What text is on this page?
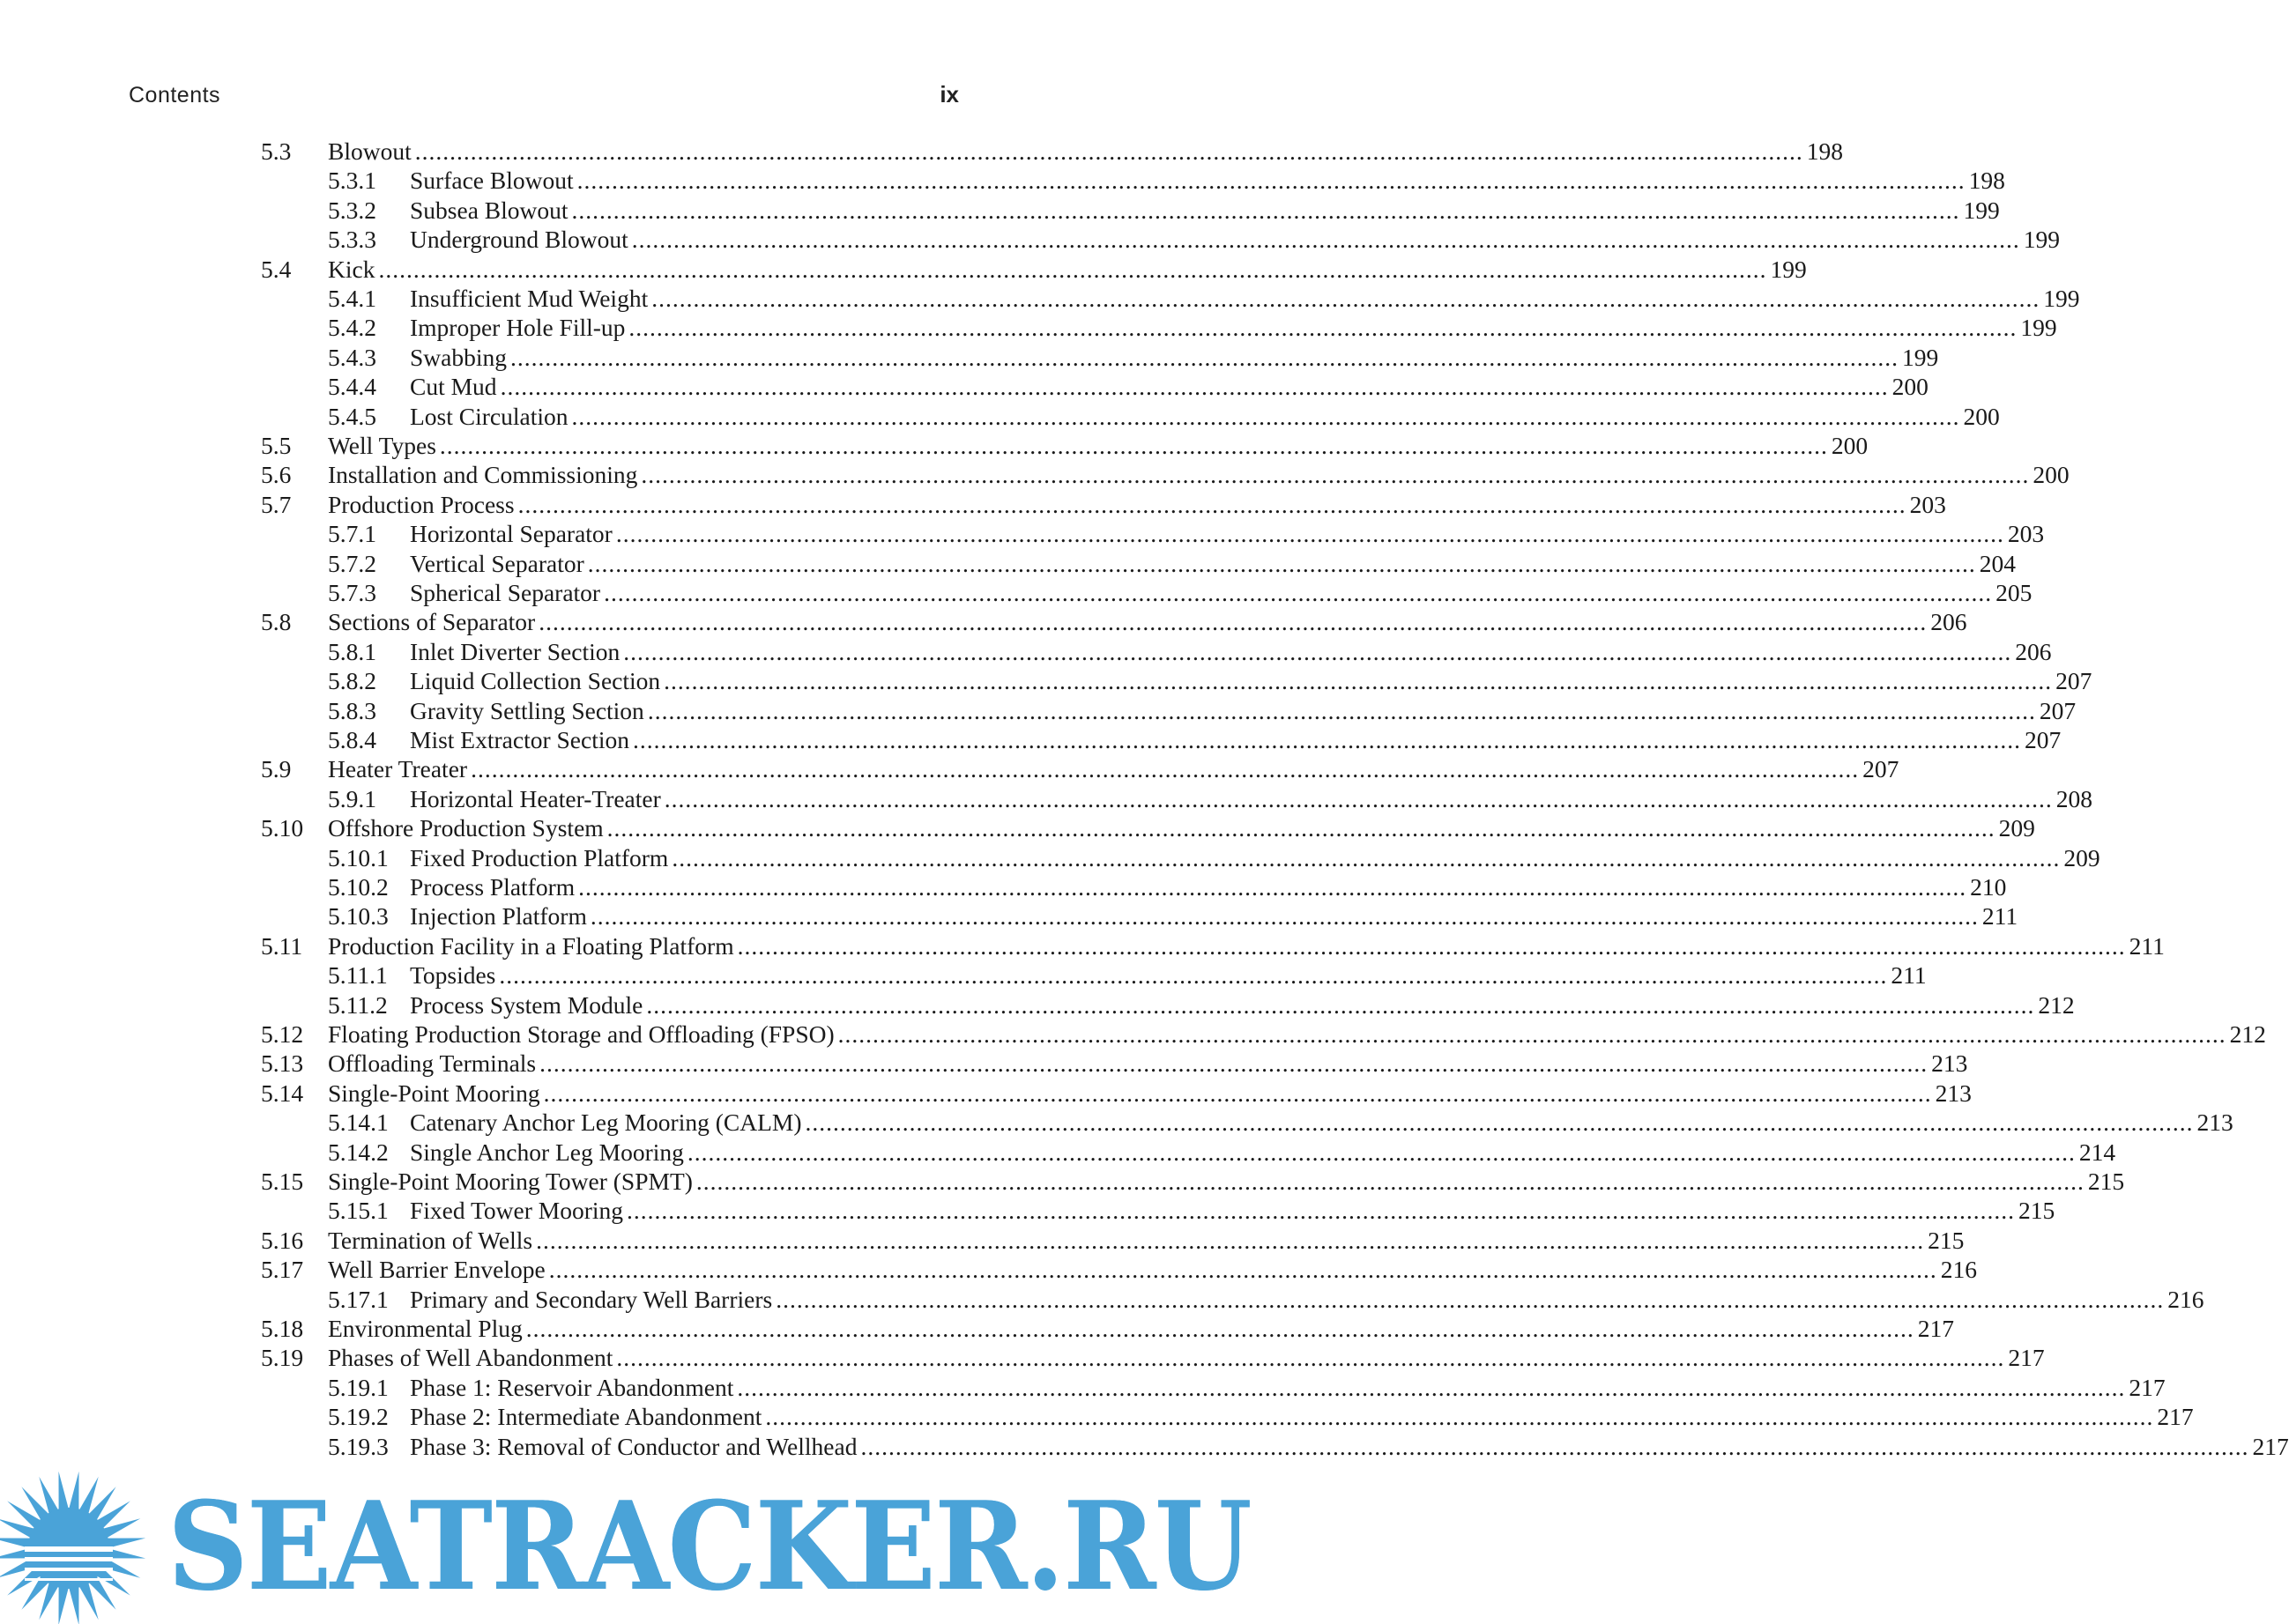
Contents	ix
5.3 Blowout ........................................................................................................................................................................................................ 198
5.3.1 Surface Blowout ........................................................................................................................................................................................................ 198
5.3.2 Subsea Blowout ........................................................................................................................................................................................................ 199
5.3.3 Underground Blowout ........................................................................................................................................................................................................ 199
5.4 Kick ........................................................................................................................................................................................................ 199
5.4.1 Insufficient Mud Weight ........................................................................................................................................................................................................ 199
5.4.2 Improper Hole Fill-up ........................................................................................................................................................................................................ 199
5.4.3 Swabbing ........................................................................................................................................................................................................ 199
5.4.4 Cut Mud ........................................................................................................................................................................................................ 200
5.4.5 Lost Circulation ........................................................................................................................................................................................................ 200
5.5 Well Types ........................................................................................................................................................................................................ 200
5.6 Installation and Commissioning ........................................................................................................................................................................................................ 200
5.7 Production Process ........................................................................................................................................................................................................ 203
5.7.1 Horizontal Separator ........................................................................................................................................................................................................ 203
5.7.2 Vertical Separator ........................................................................................................................................................................................................ 204
5.7.3 Spherical Separator ........................................................................................................................................................................................................ 205
5.8 Sections of Separator ........................................................................................................................................................................................................ 206
5.8.1 Inlet Diverter Section ........................................................................................................................................................................................................ 206
5.8.2 Liquid Collection Section ........................................................................................................................................................................................................ 207
5.8.3 Gravity Settling Section ........................................................................................................................................................................................................ 207
5.8.4 Mist Extractor Section ........................................................................................................................................................................................................ 207
5.9 Heater Treater ........................................................................................................................................................................................................ 207
5.9.1 Horizontal Heater-Treater ........................................................................................................................................................................................................ 208
5.10 Offshore Production System ........................................................................................................................................................................................................ 209
5.10.1 Fixed Production Platform ........................................................................................................................................................................................................ 209
5.10.2 Process Platform ........................................................................................................................................................................................................ 210
5.10.3 Injection Platform ........................................................................................................................................................................................................ 211
5.11 Production Facility in a Floating Platform ........................................................................................................................................................................................................ 211
5.11.1 Topsides ........................................................................................................................................................................................................ 211
5.11.2 Process System Module ........................................................................................................................................................................................................ 212
5.12 Floating Production Storage and Offloading (FPSO) ........................................................................................................................................................................................................ 212
5.13 Offloading Terminals ........................................................................................................................................................................................................ 213
5.14 Single-Point Mooring ........................................................................................................................................................................................................ 213
5.14.1 Catenary Anchor Leg Mooring (CALM) ........................................................................................................................................................................................................ 213
5.14.2 Single Anchor Leg Mooring ........................................................................................................................................................................................................ 214
5.15 Single-Point Mooring Tower (SPMT) ........................................................................................................................................................................................................ 215
5.15.1 Fixed Tower Mooring ........................................................................................................................................................................................................ 215
5.16 Termination of Wells ........................................................................................................................................................................................................ 215
5.17 Well Barrier Envelope ........................................................................................................................................................................................................ 216
5.17.1 Primary and Secondary Well Barriers ........................................................................................................................................................................................................ 216
5.18 Environmental Plug ........................................................................................................................................................................................................ 217
5.19 Phases of Well Abandonment ........................................................................................................................................................................................................ 217
5.19.1 Phase 1: Reservoir Abandonment ........................................................................................................................................................................................................ 217
5.19.2 Phase 2: Intermediate Abandonment ........................................................................................................................................................................................................ 217
5.19.3 Phase 3: Removal of Conductor and Wellhead ........................................................................................................................................................................................................ 217
SEATRACKER.RU
